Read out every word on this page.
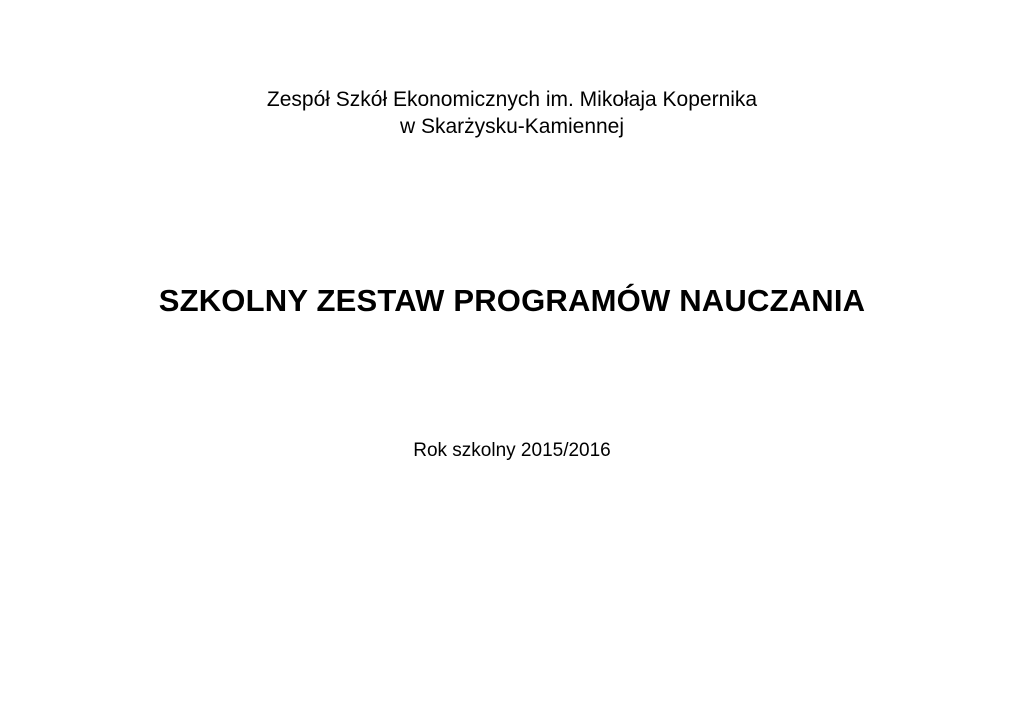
Zespół Szkół Ekonomicznych im. Mikołaja Kopernika
w Skarżysku-Kamiennej
SZKOLNY ZESTAW PROGRAMÓW NAUCZANIA
Rok szkolny 2015/2016
